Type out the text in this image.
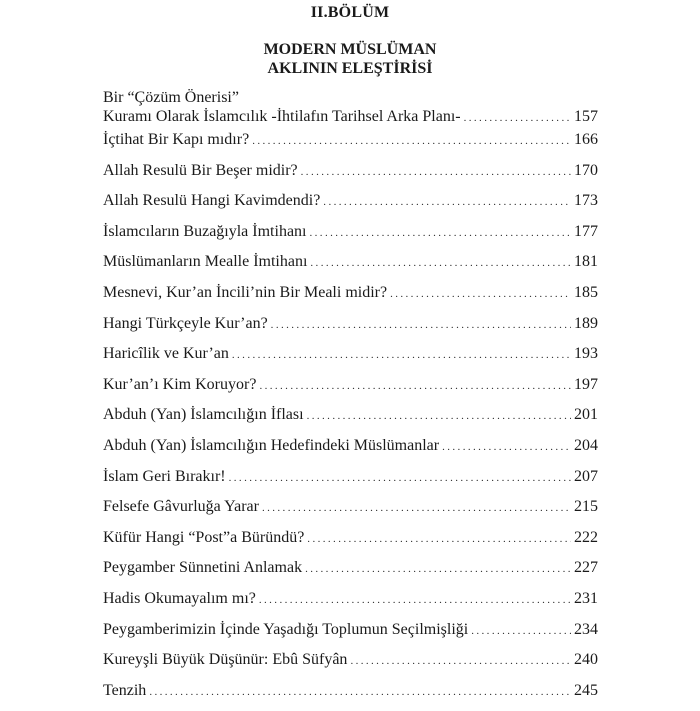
II.BÖLÜM
MODERN MÜSLÜMAN
AKLININ ELEŞTİRİSİ
Bir “Çözüm Önerisi”
Kuramı Olarak İslamcılık -İhtilafın Tarihsel Arka Planı- .....	157
İçtihat Bir Kapı mıdır? .....	166
Allah Resulü Bir Beşer midir? .....	170
Allah Resulü Hangi Kavimdendi? .....	173
İslamcıların Buzağıyla İmtihanı .....	177
Müslümanların Mealle İmtihanı .....	181
Mesnevi, Kur’an İncili’nin Bir Meali midir? .....	185
Hangi Türkçeyle Kur’an? .....	189
Haricîlik ve Kur’an .....	193
Kur’an’ı Kim Koruyor? .....	197
Abduh (Yan) İslamcılığın İflası .....	201
Abduh (Yan) İslamcılığın Hedefindeki Müslümanlar .....	204
İslam Geri Bırakır! .....	207
Felsefe Gâvurluğa Yarar .....	215
Küfür Hangi “Post”a Büründü? .....	222
Peygamber Sünnetini Anlamak .....	227
Hadis Okumayalım mı? .....	231
Peygamberimizin İçinde Yaşadığı Toplumun Seçilmişliği .....	234
Kureyşli Büyük Düşünür: Ebû Süfyân .....	240
Tenzih .....	245
